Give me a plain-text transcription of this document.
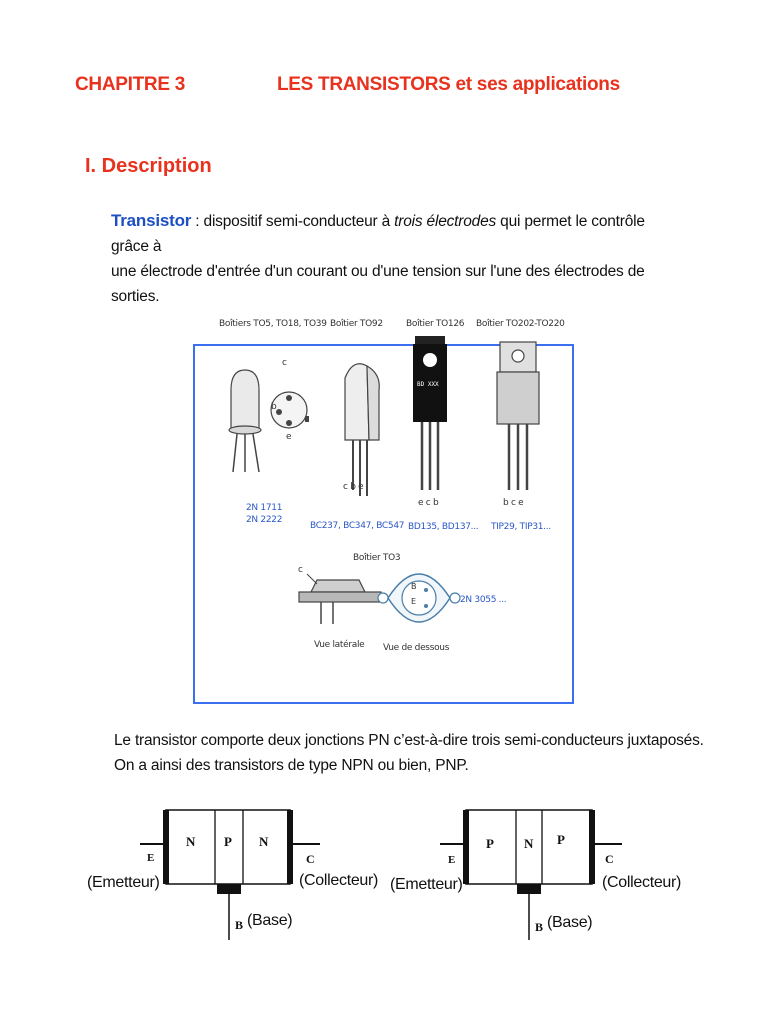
CHAPITRE 3	LES TRANSISTORS et ses applications
I. Description
Transistor : dispositif semi-conducteur à trois électrodes qui permet le contrôle grâce à
une électrode d'entrée d'un courant ou d'une tension sur l'une des électrodes de sorties.
Boîtiers TO5, TO18, TO39 Boîtier TO92	Boîtier TO126 Boîtier TO202-TO220
c
b
e
2N 1711
2N 2222
c b e
BC237, BC347, BC547
BD XXX
e c b
BD135, BD137...
b c e
TIP29, TIP31...
Boîtier TO3
c
B
E	2N 3055 ...
Vue latérale Vue de dessous
Le transistor comporte deux jonctions PN c’est-à-dire trois semi-conducteurs juxtaposés.
On a ainsi des transistors de type NPN ou bien, PNP.
N P N
E	C
(Emetteur)	(Collecteur)
B (Base)
P N P
E	C
(Emetteur)	(Collecteur)
B (Base)
